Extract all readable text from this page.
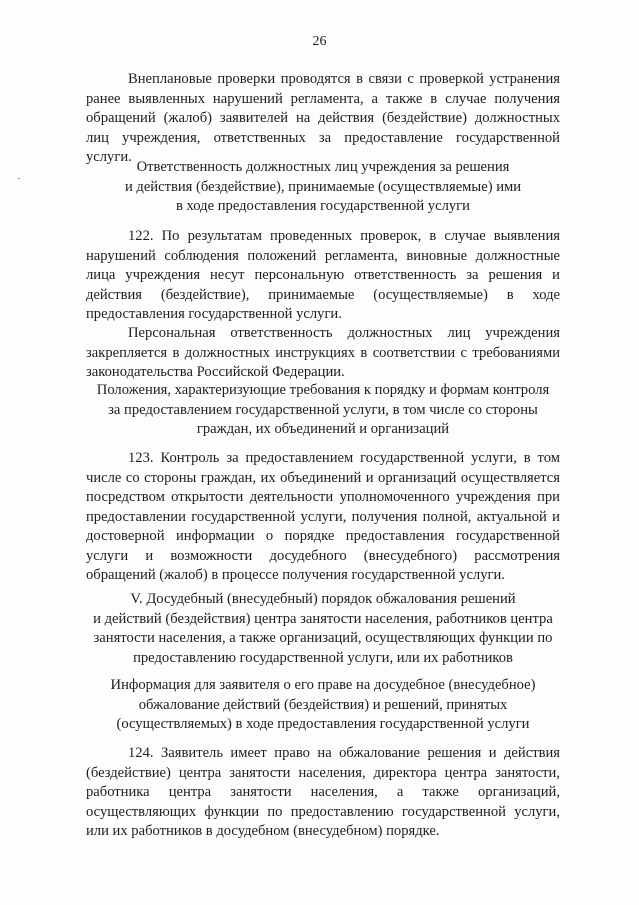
26

Внеплановые проверки проводятся в связи с проверкой устранения ранее выявленных нарушений регламента, а также в случае получения обращений (жалоб) заявителей на действия (бездействие) должностных лиц учреждения, ответственных за предоставление государственной услуги.

Ответственность должностных лиц учреждения за решения
и действия (бездействие), принимаемые (осуществляемые) ими
в ходе предоставления государственной услуги

122. По результатам проведенных проверок, в случае выявления нарушений соблюдения положений регламента, виновные должностные лица учреждения несут персональную ответственность за решения и действия (бездействие), принимаемые (осуществляемые) в ходе предоставления государственной услуги.

Персональная ответственность должностных лиц учреждения закрепляется в должностных инструкциях в соответствии с требованиями законодательства Российской Федерации.

Положения, характеризующие требования к порядку и формам контроля
за предоставлением государственной услуги, в том числе со стороны
граждан, их объединений и организаций

123. Контроль за предоставлением государственной услуги, в том числе со стороны граждан, их объединений и организаций осуществляется посредством открытости деятельности уполномоченного учреждения при предоставлении государственной услуги, получения полной, актуальной и достоверной информации о порядке предоставления государственной услуги и возможности досудебного (внесудебного) рассмотрения обращений (жалоб) в процессе получения государственной услуги.

V. Досудебный (внесудебный) порядок обжалования решений
и действий (бездействия) центра занятости населения, работников центра
занятости населения, а также организаций, осуществляющих функции по
предоставлению государственной услуги, или их работников

Информация для заявителя о его праве на досудебное (внесудебное)
обжалование действий (бездействия) и решений, принятых
(осуществляемых) в ходе предоставления государственной услуги

124. Заявитель имеет право на обжалование решения и действия (бездействие) центра занятости населения, директора центра занятости, работника центра занятости населения, а также организаций, осуществляющих функции по предоставлению государственной услуги, или их работников в досудебном (внесудебном) порядке.
